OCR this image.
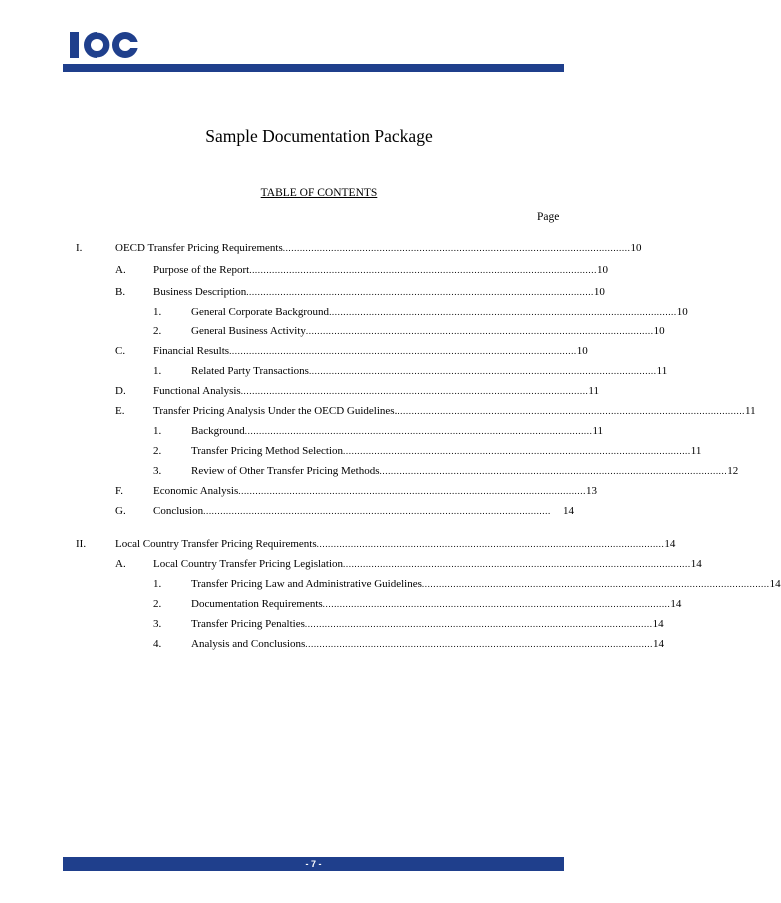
Sample Documentation Package
TABLE OF CONTENTS
Page
I.	OECD Transfer Pricing Requirements .......................................................................................................................... 10
A. Purpose of the Report .......................................................................................................................... 10
B.	Business Description .......................................................................................................................... 10
1.	General Corporate Background .......................................................................................................................... 10
2.	General Business Activity .......................................................................................................................... 10
C.	Financial Results .......................................................................................................................... 10
1.	Related Party Transactions .......................................................................................................................... 11
D. Functional Analysis .......................................................................................................................... 11
E.	Transfer Pricing Analysis Under the OECD Guidelines. .......................................................................................................................... 11
1.	Background .......................................................................................................................... 11
2.	Transfer Pricing Method Selection .......................................................................................................................... 11
3.	Review of Other Transfer Pricing Methods .......................................................................................................................... 12
F.	Economic Analysis .......................................................................................................................... 13
G. Conclusion ..........................................................................................................................	14
II.	Local Country Transfer Pricing Requirements .......................................................................................................................... 14
A. Local Country Transfer Pricing Legislation .......................................................................................................................... 14
1.	Transfer Pricing Law and Administrative Guidelines .......................................................................................................................... 14
2.	Documentation Requirements .......................................................................................................................... 14
3.	Transfer Pricing Penalties .......................................................................................................................... 14
4.	Analysis and Conclusions .......................................................................................................................... 14
- 7 -
